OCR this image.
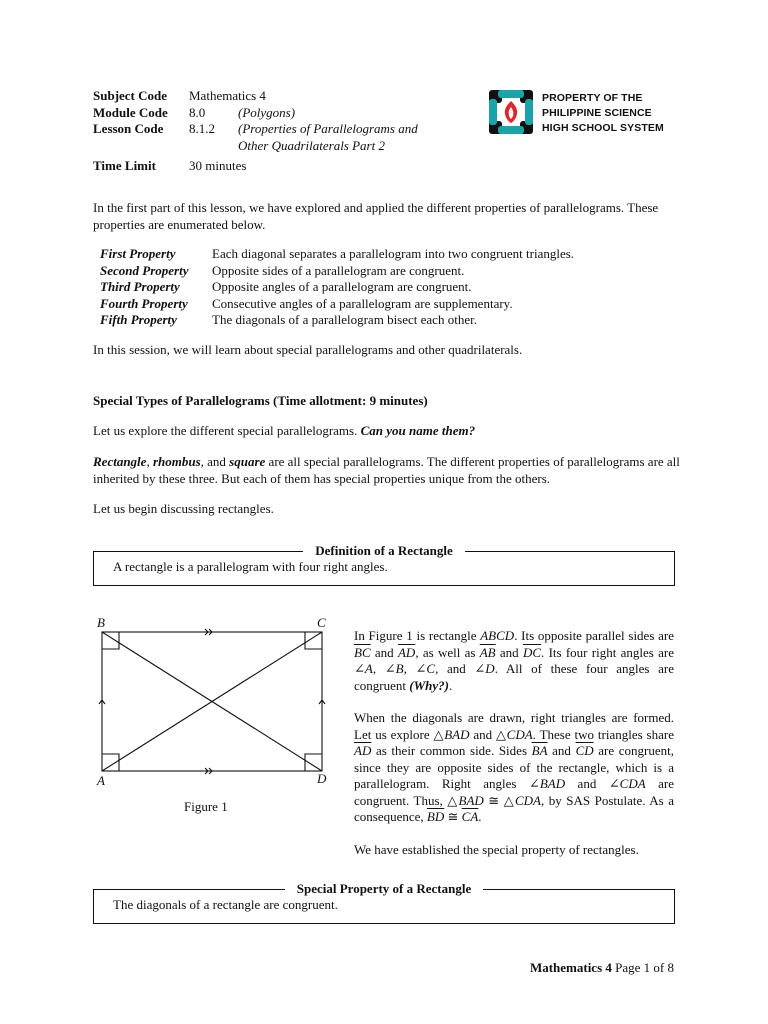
Subject Code	Mathematics 4	
Module Code	8.0	(Polygons)
Lesson Code	8.1.2	(Properties of Parallelograms and
		Other Quadrilaterals Part 2
Time Limit	30 minutes	
PROPERTY OF THE
PHILIPPINE SCIENCE
HIGH SCHOOL SYSTEM
In the first part of this lesson, we have explored and applied the different properties of parallelograms. These properties are enumerated below.
First Property	Each diagonal separates a parallelogram into two congruent triangles.
Second Property	Opposite sides of a parallelogram are congruent.
Third Property	Opposite angles of a parallelogram are congruent.
Fourth Property	Consecutive angles of a parallelogram are supplementary.
Fifth Property	The diagonals of a parallelogram bisect each other.
In this session, we will learn about special parallelograms and other quadrilaterals.
Special Types of Parallelograms (Time allotment: 9 minutes)
Let us explore the different special parallelograms. Can you name them?
Rectangle, rhombus, and square are all special parallelograms. The different properties of parallelograms are all inherited by these three. But each of them has special properties unique from the others.
Let us begin discussing rectangles.
Definition of a Rectangle
A rectangle is a parallelogram with four right angles.
B	C
A	D
Figure 1

In Figure 1 is rectangle ABCD. Its opposite parallel sides are $\overline{BC}$ and $\overline{AD}$, as well as $\overline{AB}$ and $\overline{DC}$. Its four right angles are ∠A, ∠B, ∠C, and ∠D. All of these four angles are congruent (Why?).

When the diagonals are drawn, right triangles are formed. Let us explore △BAD and △CDA. These two triangles share $\overline{AD}$ as their common side. Sides $\overline{BA}$ and $\overline{CD}$ are congruent, since they are opposite sides of the rectangle, which is a parallelogram. Right angles ∠BAD and ∠CDA are congruent. Thus, △BAD ≅ △CDA, by SAS Postulate. As a consequence, $\overline{BD}$ ≅ $\overline{CA}$.

We have established the special property of rectangles.

Special Property of a Rectangle
The diagonals of a rectangle are congruent.
Mathematics 4 Page 1 of 8
